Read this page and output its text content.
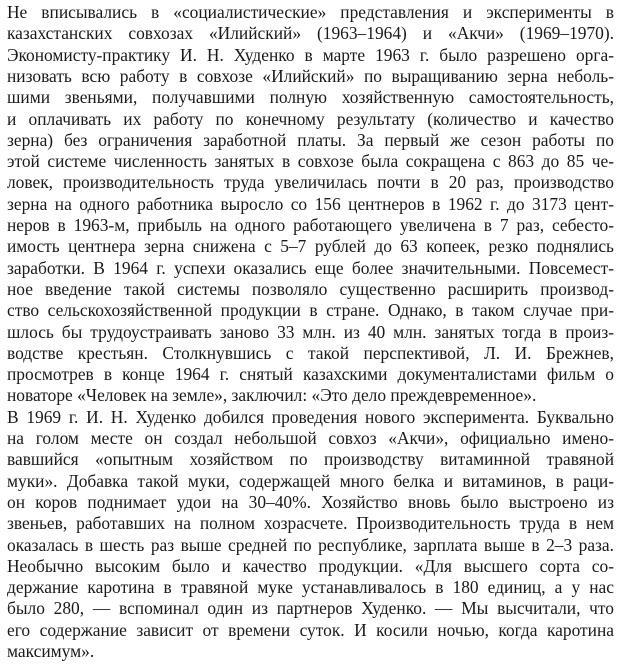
Не вписывались в «социалистические» представления и эксперименты в
казахстанских совхозах «Илийский» (1963–1964) и «Акчи» (1969–1970).
Экономисту-практику И. Н. Худенко в марте 1963 г. было разрешено орга-
низовать всю работу в совхозе «Илийский» по выращиванию зерна неболь-
шими звеньями, получавшими полную хозяйственную самостоятельность,
и оплачивать их работу по конечному результату (количество и качество
зерна) без ограничения заработной платы. За первый же сезон работы по
этой системе численность занятых в совхозе была сокращена с 863 до 85 че-
ловек, производительность труда увеличилась почти в 20 раз, производство
зерна на одного работника выросло со 156 центнеров в 1962 г. до 3173 цент-
неров в 1963-м, прибыль на одного работающего увеличена в 7 раз, себесто-
имость центнера зерна снижена с 5–7 рублей до 63 копеек, резко поднялись
заработки. В 1964 г. успехи оказались еще более значительными. Повсемест-
ное введение такой системы позволяло существенно расширить производ-
ство сельскохозяйственной продукции в стране. Однако, в таком случае при-
шлось бы трудоустраивать заново 33 млн. из 40 млн. занятых тогда в произ-
водстве крестьян. Столкнувшись с такой перспективой, Л. И. Брежнев,
просмотрев в конце 1964 г. снятый казахскими документалистами фильм о
новаторе «Человек на земле», заключил: «Это дело преждевременное».
В 1969 г. И. Н. Худенко добился проведения нового эксперимента. Буквально
на голом месте он создал небольшой совхоз «Акчи», официально имено-
вавшийся «опытным хозяйством по производству витаминной травяной
муки». Добавка такой муки, содержащей много белка и витаминов, в раци-
он коров поднимает удои на 30–40%. Хозяйство вновь было выстроено из
звеньев, работавших на полном хозрасчете. Производительность труда в нем
оказалась в шесть раз выше средней по республике, зарплата выше в 2–3 раза.
Необычно высоким было и качество продукции. «Для высшего сорта со-
держание каротина в травяной муке устанавливалось в 180 единиц, а у нас
было 280, — вспоминал один из партнеров Худенко. — Мы высчитали, что
его содержание зависит от времени суток. И косили ночью, когда каротина
максимум».
